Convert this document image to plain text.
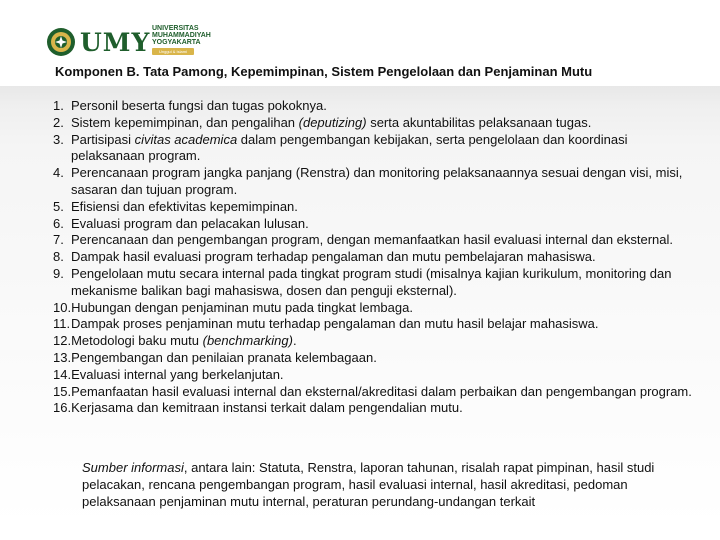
UMY UNIVERSITAS
MUHAMMADIYAH
YOGYAKARTA
Unggul & Islami
Komponen B. Tata Pamong, Kepemimpinan, Sistem Pengelolaan dan Penjaminan Mutu
1. Personil beserta fungsi dan tugas pokoknya.
2. Sistem kepemimpinan, dan pengalihan (deputizing) serta akuntabilitas pelaksanaan tugas.
3. Partisipasi civitas academica dalam pengembangan kebijakan, serta pengelolaan dan koordinasi pelaksanaan program.
4. Perencanaan program jangka panjang (Renstra) dan monitoring pelaksanaannya sesuai dengan visi, misi, sasaran dan tujuan program.
5. Efisiensi dan efektivitas kepemimpinan.
6. Evaluasi program dan pelacakan lulusan.
7. Perencanaan dan pengembangan program, dengan memanfaatkan hasil evaluasi internal dan eksternal.
8. Dampak hasil evaluasi program terhadap pengalaman dan mutu pembelajaran mahasiswa.
9. Pengelolaan mutu secara internal pada tingkat program studi (misalnya kajian kurikulum, monitoring dan mekanisme balikan bagi mahasiswa, dosen dan penguji eksternal).
10. Hubungan dengan penjaminan mutu pada tingkat lembaga.
11. Dampak proses penjaminan mutu terhadap pengalaman dan mutu hasil belajar mahasiswa.
12. Metodologi baku mutu (benchmarking).
13. Pengembangan dan penilaian pranata kelembagaan.
14. Evaluasi internal yang berkelanjutan.
15. Pemanfaatan hasil evaluasi internal dan eksternal/akreditasi dalam perbaikan dan pengembangan program.
16. Kerjasama dan kemitraan instansi terkait dalam pengendalian mutu.
Sumber informasi, antara lain: Statuta, Renstra, laporan tahunan, risalah rapat pimpinan, hasil studi pelacakan, rencana pengembangan program, hasil evaluasi internal, hasil akreditasi, pedoman pelaksanaan penjaminan mutu internal, peraturan perundang-undangan terkait
